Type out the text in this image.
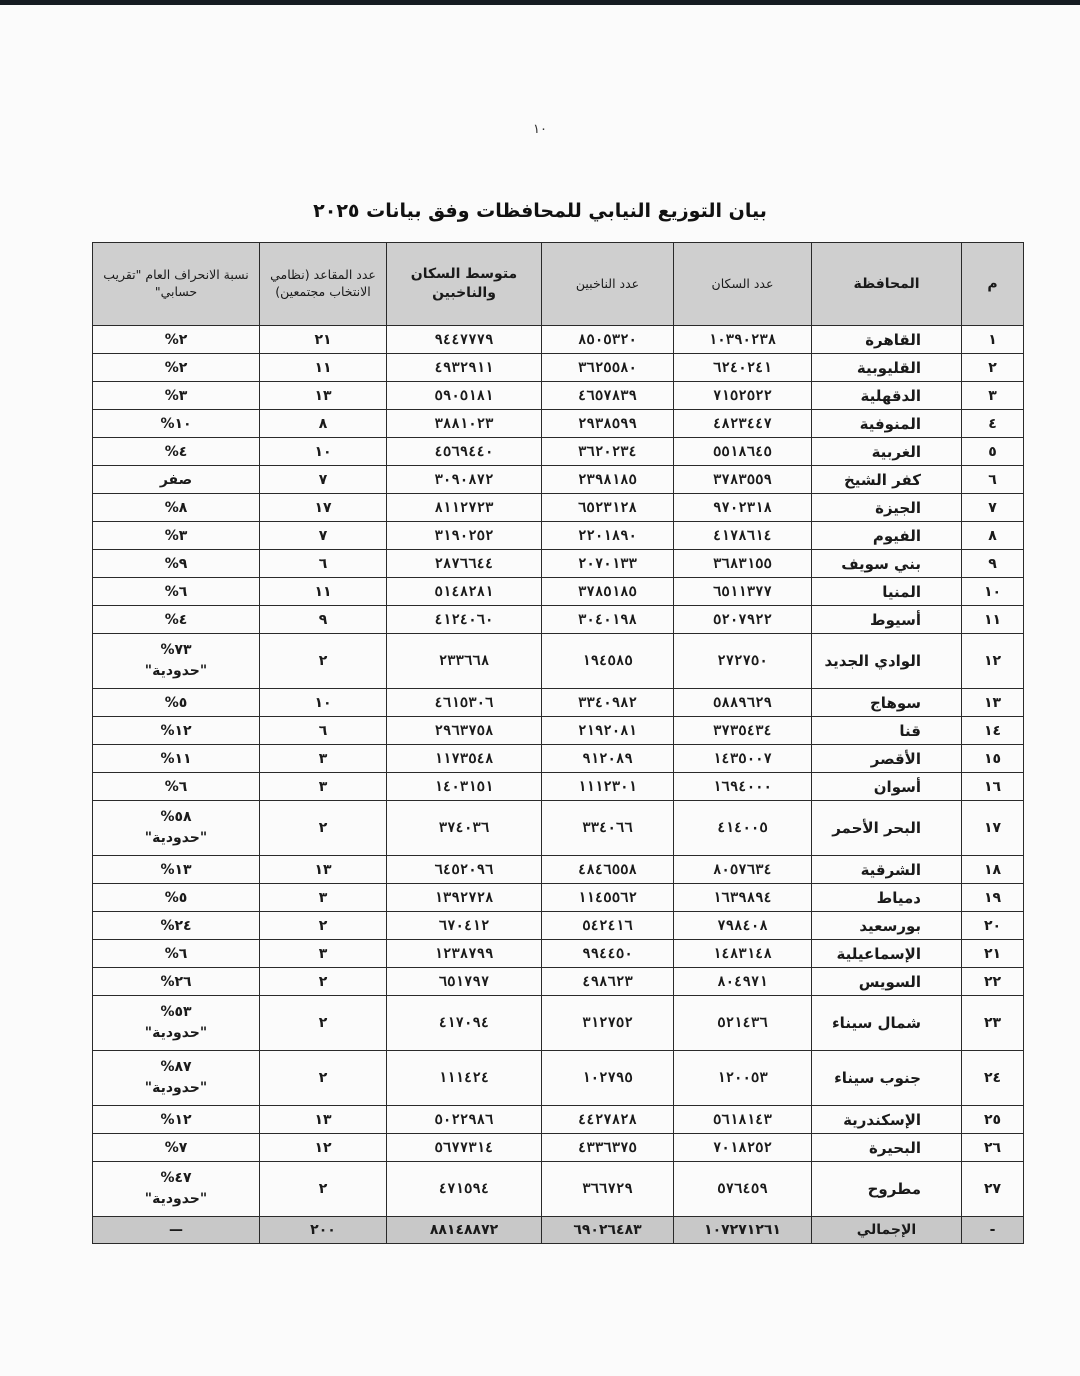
١٠
بيان التوزيع النيابي للمحافظات وفق بيانات ٢٠٢٥
م	المحافظة	عدد السكان	عدد الناخبين	متوسط السكان والناخبين	عدد المقاعد (نظامي الانتخاب مجتمعين)	نسبة الانحراف العام "تقريب حسابي"
١	القاهرة	١٠٣٩٠٢٣٨	٨٥٠٥٣٢٠	٩٤٤٧٧٧٩	٢١	٢%
٢	القليوبية	٦٢٤٠٢٤١	٣٦٢٥٥٨٠	٤٩٣٢٩١١	١١	٢%
٣	الدقهلية	٧١٥٢٥٢٢	٤٦٥٧٨٣٩	٥٩٠٥١٨١	١٣	٣%
٤	المنوفية	٤٨٢٣٤٤٧	٢٩٣٨٥٩٩	٣٨٨١٠٢٣	٨	١٠%
٥	الغربية	٥٥١٨٦٤٥	٣٦٢٠٢٣٤	٤٥٦٩٤٤٠	١٠	٤%
٦	كفر الشيخ	٣٧٨٣٥٥٩	٢٣٩٨١٨٥	٣٠٩٠٨٧٢	٧	صفر
٧	الجيزة	٩٧٠٢٣١٨	٦٥٢٣١٢٨	٨١١٢٧٢٣	١٧	٨%
٨	الفيوم	٤١٧٨٦١٤	٢٢٠١٨٩٠	٣١٩٠٢٥٢	٧	٣%
٩	بني سويف	٣٦٨٣١٥٥	٢٠٧٠١٣٣	٢٨٧٦٦٤٤	٦	٩%
١٠	المنيا	٦٥١١٣٧٧	٣٧٨٥١٨٥	٥١٤٨٢٨١	١١	٦%
١١	أسيوط	٥٢٠٧٩٢٢	٣٠٤٠١٩٨	٤١٢٤٠٦٠	٩	٤%
١٢	الوادي الجديد	٢٧٢٧٥٠	١٩٤٥٨٥	٢٣٣٦٦٨	٢	٧٣%
"حدودية"

١٣	سوهاج	٥٨٨٩٦٢٩	٣٣٤٠٩٨٢	٤٦١٥٣٠٦	١٠	٥%
١٤	قنا	٣٧٣٥٤٣٤	٢١٩٢٠٨١	٢٩٦٣٧٥٨	٦	١٢%
١٥	الأقصر	١٤٣٥٠٠٧	٩١٢٠٨٩	١١٧٣٥٤٨	٣	١١%
١٦	أسوان	١٦٩٤٠٠٠	١١١٢٣٠١	١٤٠٣١٥١	٣	٦%
١٧	البحر الأحمر	٤١٤٠٠٥	٣٣٤٠٦٦	٣٧٤٠٣٦	٢	٥٨%
"حدودية"

١٨	الشرقية	٨٠٥٧٦٣٤	٤٨٤٦٥٥٨	٦٤٥٢٠٩٦	١٣	١٣%
١٩	دمياط	١٦٣٩٨٩٤	١١٤٥٥٦٢	١٣٩٢٧٢٨	٣	٥%
٢٠	بورسعيد	٧٩٨٤٠٨	٥٤٢٤١٦	٦٧٠٤١٢	٢	٢٤%
٢١	الإسماعيلية	١٤٨٣١٤٨	٩٩٤٤٥٠	١٢٣٨٧٩٩	٣	٦%
٢٢	السويس	٨٠٤٩٧١	٤٩٨٦٢٣	٦٥١٧٩٧	٢	٢٦%
٢٣	شمال سيناء	٥٢١٤٣٦	٣١٢٧٥٢	٤١٧٠٩٤	٢	٥٣%
"حدودية"

٢٤	جنوب سيناء	١٢٠٠٥٣	١٠٢٧٩٥	١١١٤٢٤	٢	٨٧%
"حدودية"

٢٥	الإسكندرية	٥٦١٨١٤٣	٤٤٢٧٨٢٨	٥٠٢٢٩٨٦	١٣	١٢%
٢٦	البحيرة	٧٠١٨٢٥٢	٤٣٣٦٣٧٥	٥٦٧٧٣١٤	١٢	٧%
٢٧	مطروح	٥٧٦٤٥٩	٣٦٦٧٢٩	٤٧١٥٩٤	٢	٤٧%
"حدودية"

-	الإجمالي	١٠٧٢٧١٢٦١	٦٩٠٢٦٤٨٣	٨٨١٤٨٨٧٢	٢٠٠	—
